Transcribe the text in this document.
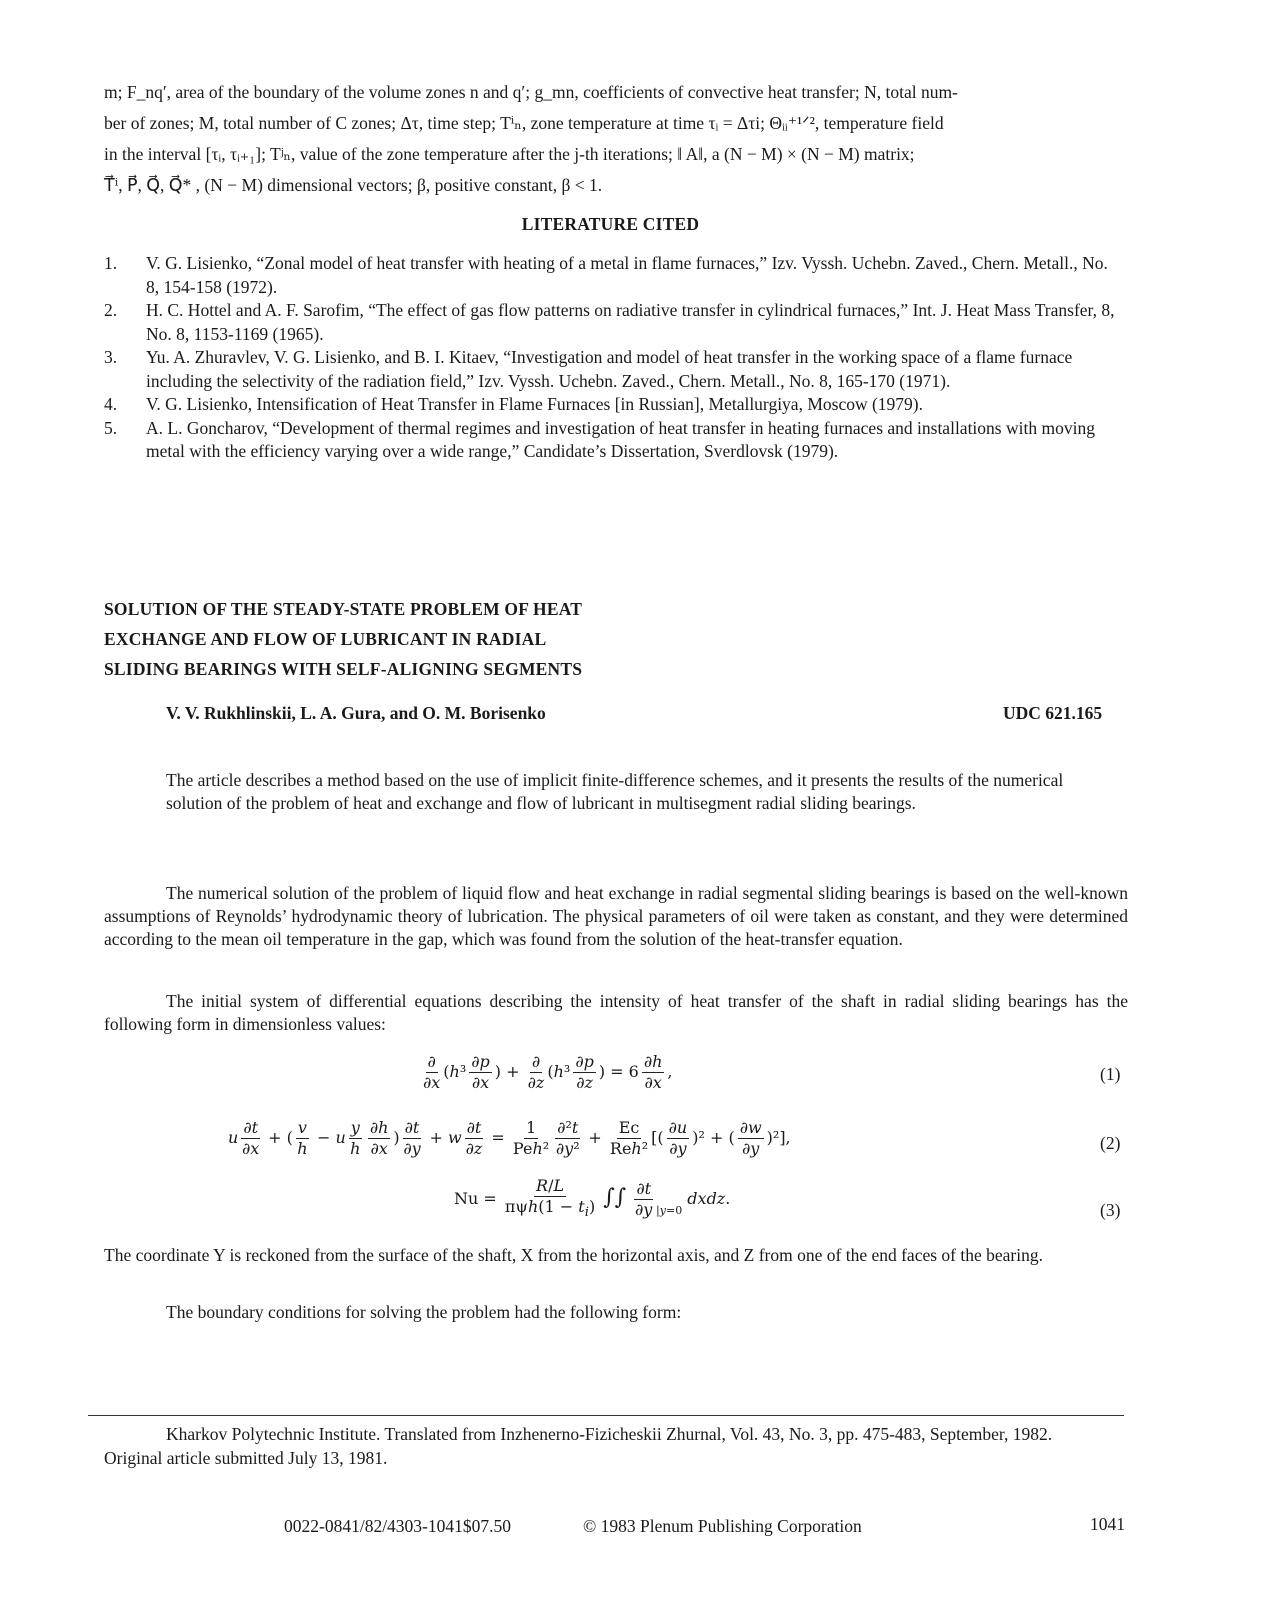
m; F_nq′, area of the boundary of the volume zones n and q′; g_mn, coefficients of convective heat transfer; N, total num-
ber of zones; M, total number of C zones; Δτ, time step; Tⁱₙ, zone temperature at time τᵢ = Δτi; Θᵢᵢ⁺¹ᐟ², temperature field
in the interval [τᵢ, τᵢ₊₁]; Tʲₙ, value of the zone temperature after the j-th iterations; ‖ A‖, a (N − M) × (N − M) matrix;
T⃗ⁱ, P⃗, Q⃗, Q⃗* , (N − M) dimensional vectors; β, positive constant, β < 1.
LITERATURE CITED
1. V. G. Lisienko, “Zonal model of heat transfer with heating of a metal in flame furnaces,” Izv. Vyssh. Uchebn. Zaved., Chern. Metall., No. 8, 154-158 (1972).
2. H. C. Hottel and A. F. Sarofim, “The effect of gas flow patterns on radiative transfer in cylindrical furnaces,” Int. J. Heat Mass Transfer, 8, No. 8, 1153-1169 (1965).
3. Yu. A. Zhuravlev, V. G. Lisienko, and B. I. Kitaev, “Investigation and model of heat transfer in the working space of a flame furnace including the selectivity of the radiation field,” Izv. Vyssh. Uchebn. Zaved., Chern. Metall., No. 8, 165-170 (1971).
4. V. G. Lisienko, Intensification of Heat Transfer in Flame Furnaces [in Russian], Metallurgiya, Moscow (1979).
5. A. L. Goncharov, “Development of thermal regimes and investigation of heat transfer in heating furnaces and installations with moving metal with the efficiency varying over a wide range,” Candidate’s Dissertation, Sverdlovsk (1979).
SOLUTION OF THE STEADY-STATE PROBLEM OF HEAT
EXCHANGE AND FLOW OF LUBRICANT IN RADIAL
SLIDING BEARINGS WITH SELF-ALIGNING SEGMENTS
V. V. Rukhlinskii, L. A. Gura, and O. M. Borisenko	UDC 621.165
The article describes a method based on the use of implicit finite-difference schemes, and it presents the results of the numerical solution of the problem of heat and exchange and flow of lubricant in multisegment radial sliding bearings.
The numerical solution of the problem of liquid flow and heat exchange in radial segmental sliding bearings is based on the well-known assumptions of Reynolds’ hydrodynamic theory of lubrication. The physical parameters of oil were taken as constant, and they were determined according to the mean oil temperature in the gap, which was found from the solution of the heat-transfer equation.
The initial system of differential equations describing the intensity of heat transfer of the shaft in radial sliding bearings has the following form in dimensionless values:
$\frac{\partial}{\partial x} (h^3 \frac{\partial p}{\partial x}$ ) + $\frac{\partial}{\partial z} (h^3 \frac{\partial p}{\partial z}$ ) = $6 \frac{\partial h}{\partial x}$ ,	(1)
u $\frac{\partial t}{\partial x}$ + ( $\frac{v}{h} - u \frac{y}{h} \frac{\partial h}{\partial x}$ ) $\frac{\partial t}{\partial y} + w \frac{\partial t}{\partial z} = \frac{1}{\text{Peh²}} \frac{\text{∂²t}}{\text{∂y²}} + \frac{Ec}{\text{Reh²}}$ [( $\frac{\partial u}{\partial y} )^2$ + ( $\frac{\partial w}{\partial y} )^2$],	(2)
$Nu = \frac{R/L}{\pi\psi h(1 - t_i)}$ ∫∫ $\frac{\partial t}{\partial y} _{|y=0}$ dxdz.
(3)
The coordinate Y is reckoned from the surface of the shaft, X from the horizontal axis, and Z from one of the end faces of the bearing.
The boundary conditions for solving the problem had the following form:
Kharkov Polytechnic Institute. Translated from Inzhenerno-Fizicheskii Zhurnal, Vol. 43, No. 3, pp. 475-483, September, 1982. Original article submitted July 13, 1981.
0022-0841/82/4303-1041$07.50	© 1983 Plenum Publishing Corporation	1041
